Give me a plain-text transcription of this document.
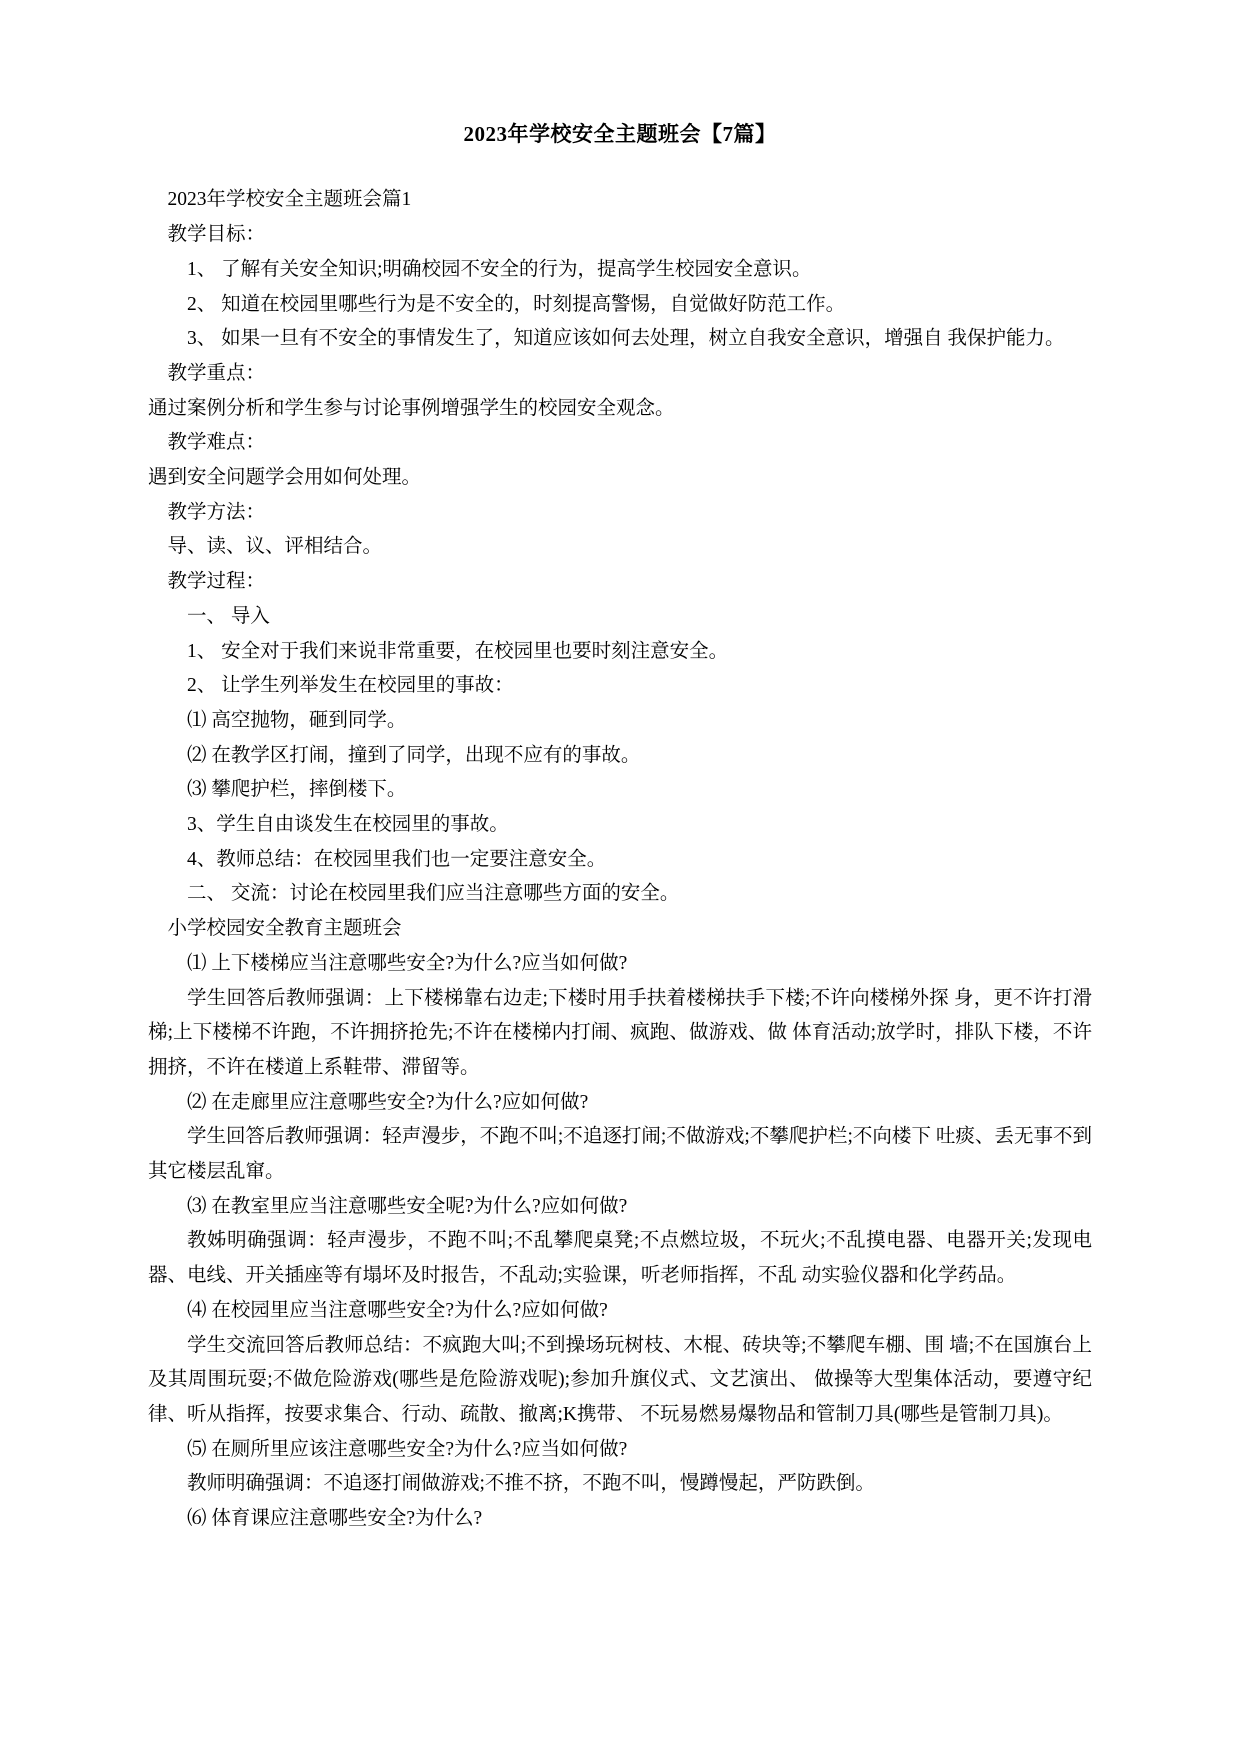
2023年学校安全主题班会【7篇】

2023年学校安全主题班会篇1

教学目标：

1、 了解有关安全知识;明确校园不安全的行为，提高学生校园安全意识。

2、 知道在校园里哪些行为是不安全的，时刻提高警惕，自觉做好防范工作。

3、 如果一旦有不安全的事情发生了，知道应该如何去处理，树立自我安全意识，增强自 我保护能力。

教学重点：

通过案例分析和学生参与讨论事例增强学生的校园安全观念。

教学难点：

遇到安全问题学会用如何处理。

教学方法：

导、读、议、评相结合。

教学过程：

一、 导入

1、 安全对于我们来说非常重要，在校园里也要时刻注意安全。

2、 让学生列举发生在校园里的事故：

⑴ 高空抛物，砸到同学。

⑵ 在教学区打闹，撞到了同学，出现不应有的事故。

⑶ 攀爬护栏，摔倒楼下。

3、学生自由谈发生在校园里的事故。

4、教师总结：在校园里我们也一定要注意安全。

二、 交流：讨论在校园里我们应当注意哪些方面的安全。

小学校园安全教育主题班会

⑴ 上下楼梯应当注意哪些安全?为什么?应当如何做?

学生回答后教师强调：上下楼梯靠右边走;下楼时用手扶着楼梯扶手下楼;不许向楼梯外探 身，更不许打滑梯;上下楼梯不许跑，不许拥挤抢先;不许在楼梯内打闹、疯跑、做游戏、做 体育活动;放学时，排队下楼，不许拥挤，不许在楼道上系鞋带、滞留等。

⑵ 在走廊里应注意哪些安全?为什么?应如何做?

学生回答后教师强调：轻声漫步，不跑不叫;不追逐打闹;不做游戏;不攀爬护栏;不向楼下 吐痰、丢无事不到其它楼层乱窜。

⑶ 在教室里应当注意哪些安全呢?为什么?应如何做?

教姊明确强调：轻声漫步，不跑不叫;不乱攀爬桌凳;不点燃垃圾，不玩火;不乱摸电器、电器开关;发现电器、电线、开关插座等有塌坏及时报告，不乱动;实验课，听老师指挥，不乱 动实验仪器和化学药品。

⑷ 在校园里应当注意哪些安全?为什么?应如何做?

学生交流回答后教师总结：不疯跑大叫;不到操场玩树枝、木棍、砖块等;不攀爬车棚、围 墙;不在国旗台上及其周围玩耍;不做危险游戏(哪些是危险游戏呢);参加升旗仪式、文艺演出、 做操等大型集体活动，要遵守纪律、听从指挥，按要求集合、行动、疏散、撤离;K携带、 不玩易燃易爆物品和管制刀具(哪些是管制刀具)。

⑸ 在厕所里应该注意哪些安全?为什么?应当如何做?

教师明确强调：不追逐打闹做游戏;不推不挤，不跑不叫，慢蹲慢起，严防跌倒。

⑹ 体育课应注意哪些安全?为什么?
